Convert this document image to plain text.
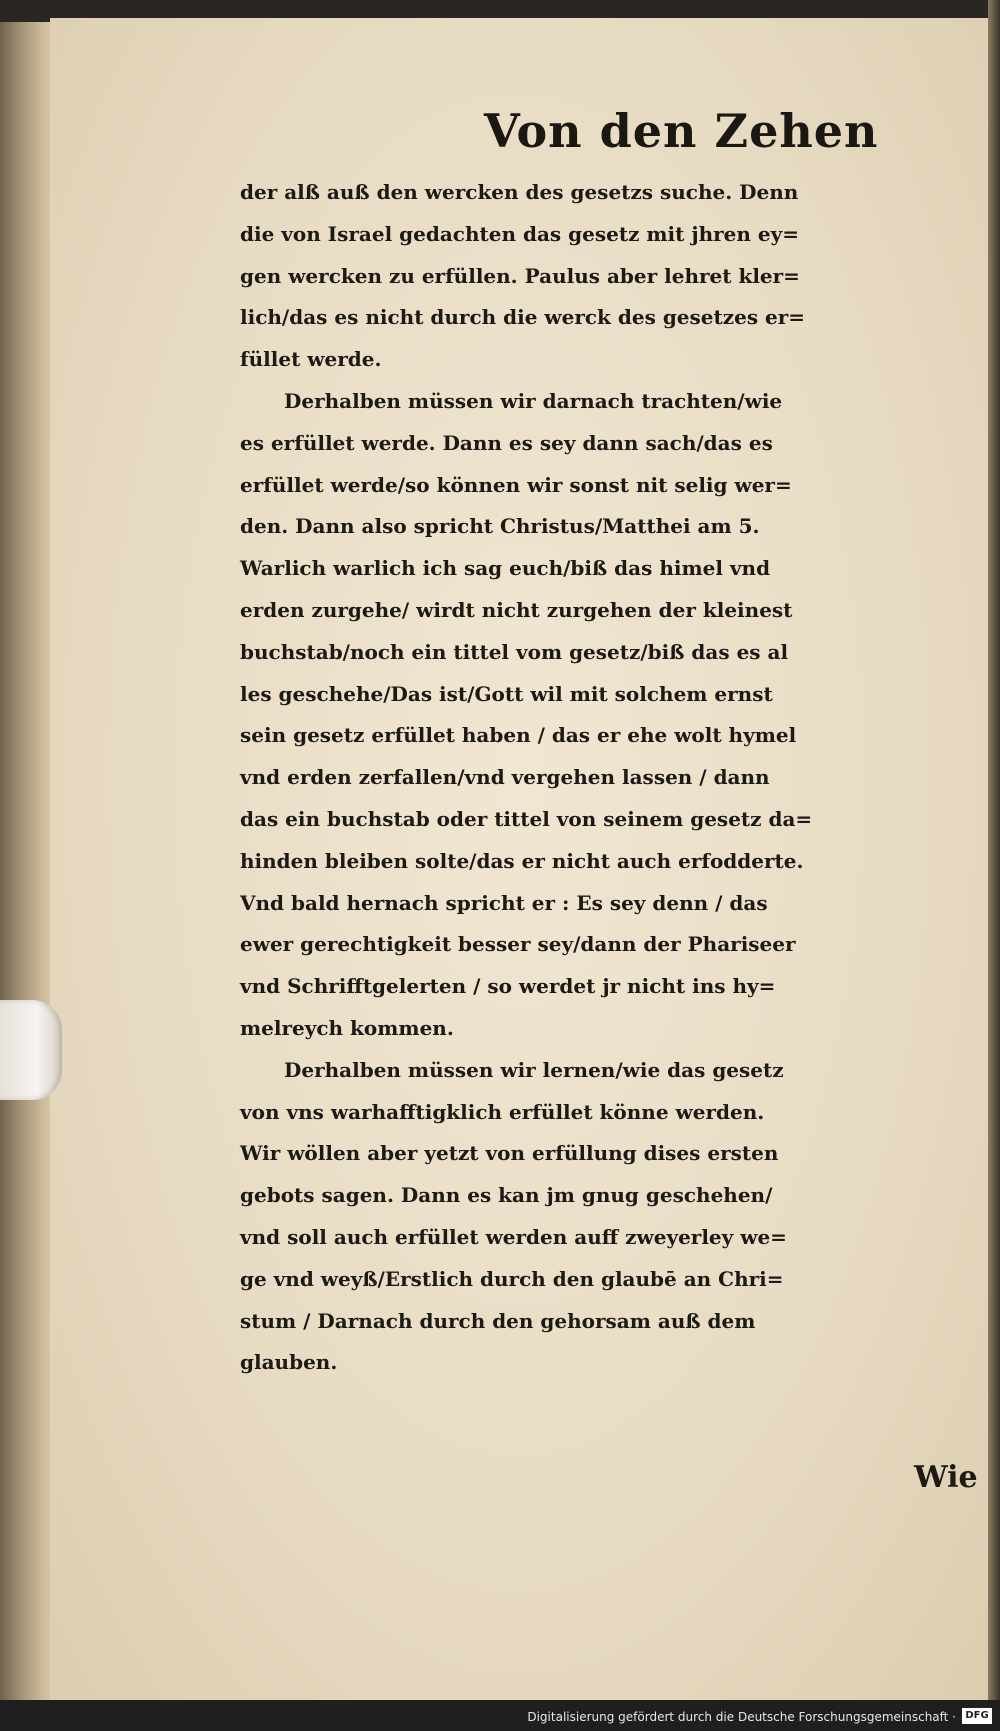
Von den Zehen
der alß auß den wercken des gesetzs suche. Denn
die von Israel gedachten das gesetz mit jhren ey=
gen wercken zu erfüllen. Paulus aber lehret kler=
lich/das es nicht durch die werck des gesetzes er=
füllet werde.
Derhalben müssen wir darnach trachten/wie
es erfüllet werde. Dann es sey dann sach/das es
erfüllet werde/so können wir sonst nit selig wer=
den. Dann also spricht Christus/Matthei am 5.
Warlich warlich ich sag euch/biß das himel vnd
erden zurgehe/ wirdt nicht zurgehen der kleinest
buchstab/noch ein tittel vom gesetz/biß das es al
les geschehe/Das ist/Gott wil mit solchem ernst
sein gesetz erfüllet haben / das er ehe wolt hymel
vnd erden zerfallen/vnd vergehen lassen / dann
das ein buchstab oder tittel von seinem gesetz da=
hinden bleiben solte/das er nicht auch erfodderte.
Vnd bald hernach spricht er : Es sey denn / das
ewer gerechtigkeit besser sey/dann der Phariseer
vnd Schrifftgelerten / so werdet jr nicht ins hy=
melreych kommen.
Derhalben müssen wir lernen/wie das gesetz
von vns warhafftigklich erfüllet könne werden.
Wir wöllen aber yetzt von erfüllung dises ersten
gebots sagen. Dann es kan jm gnug geschehen/
vnd soll auch erfüllet werden auff zweyerley we=
ge vnd weyß/Erstlich durch den glaubē an Chri=
stum / Darnach durch den gehorsam auß dem
glauben.
Wie
Digitalisierung gefördert durch die Deutsche Forschungsgemeinschaft · DFG
